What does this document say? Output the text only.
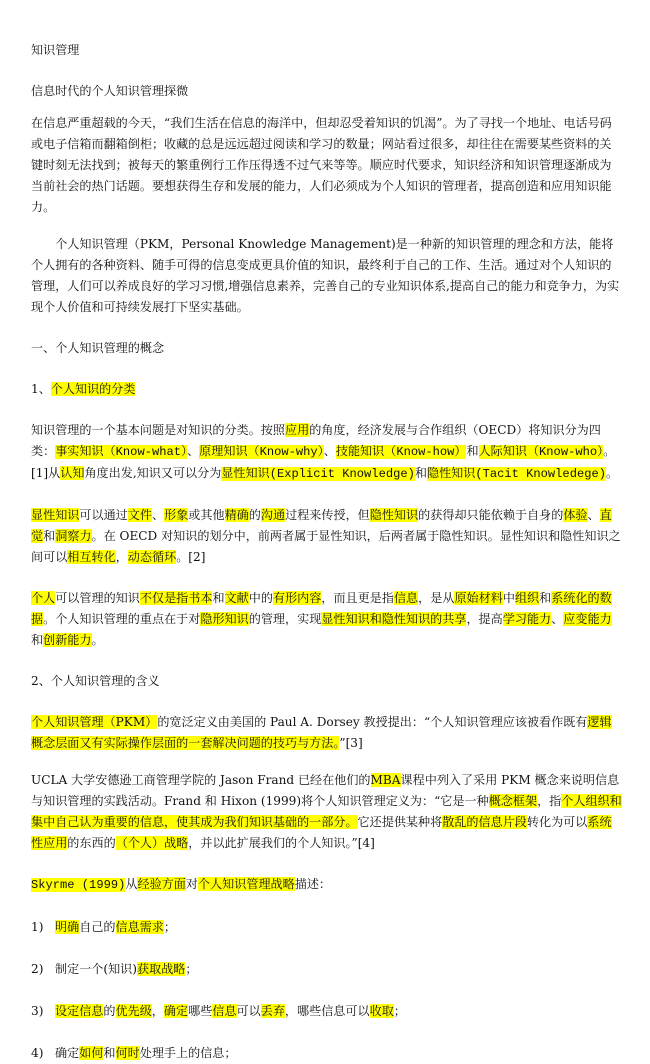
知识管理

信息时代的个人知识管理探微

在信息严重超载的今天，“我们生活在信息的海洋中，但却忍受着知识的饥渴”。为了寻找一个地址、电话号码或电子信箱而翻箱倒柜；收藏的总是远远超过阅读和学习的数量；网站看过很多，却往往在需要某些资料的关键时刻无法找到；被每天的繁重例行工作压得透不过气来等等。顺应时代要求，知识经济和知识管理逐渐成为当前社会的热门话题。要想获得生存和发展的能力，人们必须成为个人知识的管理者，提高创造和应用知识能力。

个人知识管理（PKM，Personal Knowledge Management)是一种新的知识管理的理念和方法，能将个人拥有的各种资料、随手可得的信息变成更具价值的知识，最终利于自己的工作、生活。通过对个人知识的管理，人们可以养成良好的学习习惯,增强信息素养，完善自己的专业知识体系,提高自己的能力和竞争力，为实现个人价值和可持续发展打下坚实基础。

一、个人知识管理的概念

1、个人知识的分类

知识管理的一个基本问题是对知识的分类。按照应用的角度，经济发展与合作组织（OECD）将知识分为四类：事实知识（Know-what）、原理知识（Know-why）、技能知识（Know-how）和人际知识（Know-who）。[1]从认知角度出发,知识又可以分为显性知识(Explicit Knowledge)和隐性知识(Tacit Knowledege)。

显性知识可以通过文件、形象或其他精确的沟通过程来传授，但隐性知识的获得却只能依赖于自身的体验、直觉和洞察力。在 OECD 对知识的划分中，前两者属于显性知识，后两者属于隐性知识。显性知识和隐性知识之间可以相互转化，动态循环。[2]

个人可以管理的知识不仅是指书本和文献中的有形内容，而且更是指信息，是从原始材料中组织和系统化的数据。个人知识管理的重点在于对隐形知识的管理，实现显性知识和隐性知识的共享，提高学习能力、应变能力和创新能力。

2、个人知识管理的含义

个人知识管理（PKM）的宽泛定义由美国的 Paul A. Dorsey 教授提出：“个人知识管理应该被看作既有逻辑概念层面又有实际操作层面的一套解决问题的技巧与方法。”[3]

UCLA 大学安德逊工商管理学院的 Jason Frand 已经在他们的MBA课程中列入了采用 PKM 概念来说明信息与知识管理的实践活动。Frand 和 Hixon (1999)将个人知识管理定义为：“它是一种概念框架，指个人组织和集中自己认为重要的信息，使其成为我们知识基础的一部分。它还提供某种将散乱的信息片段转化为可以系统性应用的东西的（个人）战略，并以此扩展我们的个人知识。”[4]

Skyrme (1999)从经验方面对个人知识管理战略描述：

1) 明确自己的信息需求；

2) 制定一个(知识)获取战略；

3) 设定信息的优先级，确定哪些信息可以丢弃，哪些信息可以收取；

4) 确定如何和何时处理手上的信息；
